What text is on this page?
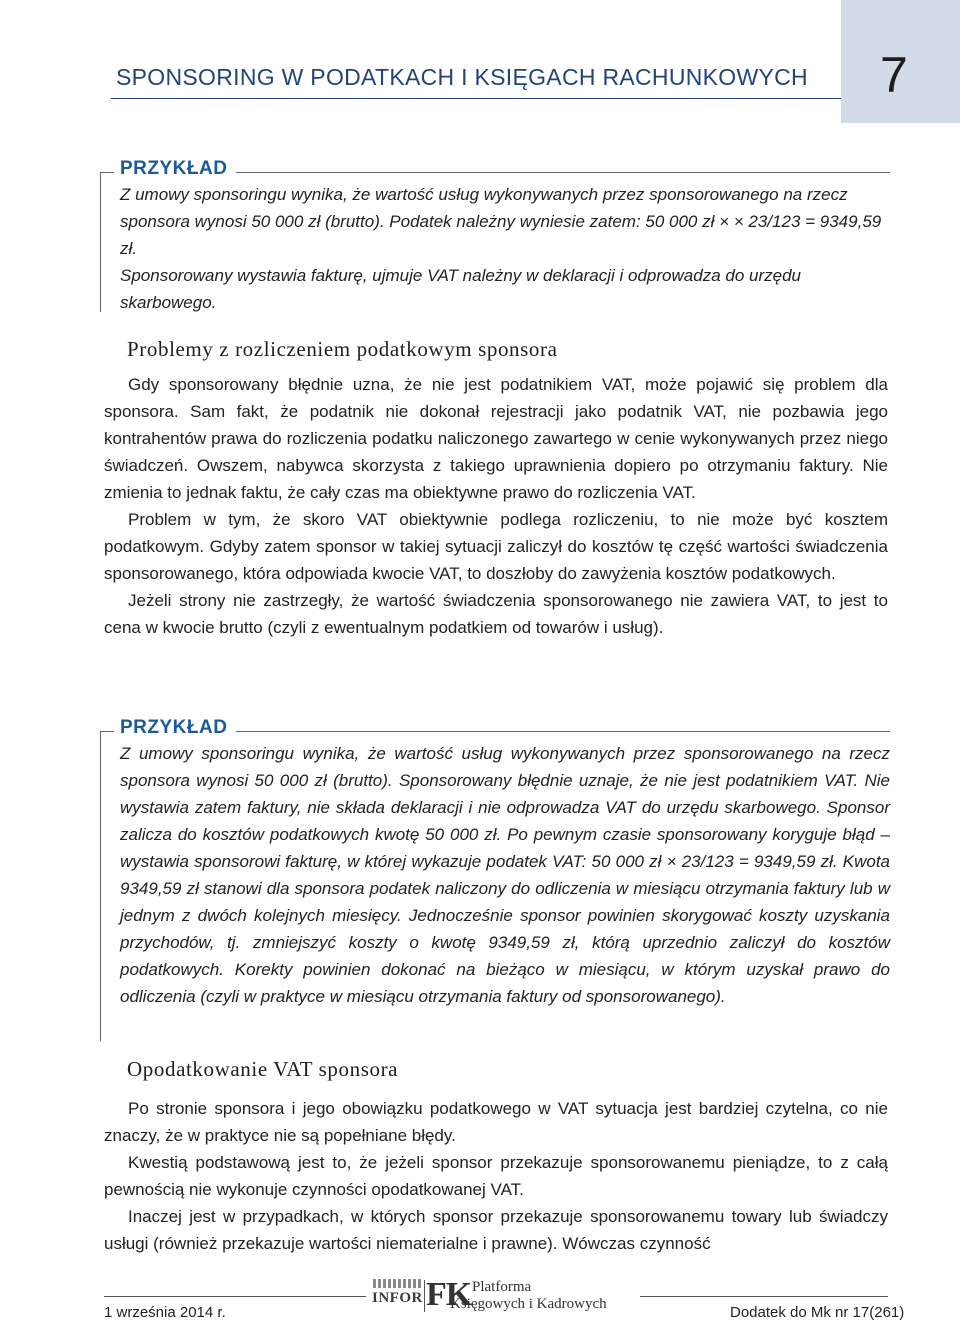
7
SPONSORING W PODATKACH I KSIĘGACH RACHUNKOWYCH
PRZYKŁAD

Z umowy sponsoringu wynika, że wartość usług wykonywanych przez sponsorowanego na rzecz sponsora wynosi 50 000 zł (brutto). Podatek należny wyniesie zatem: 50 000 zł × × 23/123 = 9349,59 zł.

Sponsorowany wystawia fakturę, ujmuje VAT należny w deklaracji i odprowadza do urzędu skarbowego.

Problemy z rozliczeniem podatkowym sponsora

Gdy sponsorowany błędnie uzna, że nie jest podatnikiem VAT, może pojawić się problem dla sponsora. Sam fakt, że podatnik nie dokonał rejestracji jako podatnik VAT, nie pozbawia jego kontrahentów prawa do rozliczenia podatku naliczonego zawartego w cenie wykonywanych przez niego świadczeń. Owszem, nabywca skorzysta z takiego uprawnienia dopiero po otrzymaniu faktury. Nie zmienia to jednak faktu, że cały czas ma obiektywne prawo do rozliczenia VAT.

Problem w tym, że skoro VAT obiektywnie podlega rozliczeniu, to nie może być kosztem podatkowym. Gdyby zatem sponsor w takiej sytuacji zaliczył do kosztów tę część wartości świadczenia sponsorowanego, która odpowiada kwocie VAT, to doszłoby do zawyżenia kosztów podatkowych.

Jeżeli strony nie zastrzegły, że wartość świadczenia sponsorowanego nie zawiera VAT, to jest to cena w kwocie brutto (czyli z ewentualnym podatkiem od towarów i usług).

PRZYKŁAD

Z umowy sponsoringu wynika, że wartość usług wykonywanych przez sponsorowanego na rzecz sponsora wynosi 50 000 zł (brutto). Sponsorowany błędnie uznaje, że nie jest podatnikiem VAT. Nie wystawia zatem faktury, nie składa deklaracji i nie odprowadza VAT do urzędu skarbowego. Sponsor zalicza do kosztów podatkowych kwotę 50 000 zł. Po pewnym czasie sponsorowany koryguje błąd – wystawia sponsorowi fakturę, w której wykazuje podatek VAT: 50 000 zł × 23/123 = 9349,59 zł. Kwota 9349,59 zł stanowi dla sponsora podatek naliczony do odliczenia w miesiącu otrzymania faktury lub w jednym z dwóch kolejnych miesięcy. Jednocześnie sponsor powinien skorygować koszty uzyskania przychodów, tj. zmniejszyć koszty o kwotę 9349,59 zł, którą uprzednio zaliczył do kosztów podatkowych. Korekty powinien dokonać na bieżąco w miesiącu, w którym uzyskał prawo do odliczenia (czyli w praktyce w miesiącu otrzymania faktury od sponsorowanego).

Opodatkowanie VAT sponsora

Po stronie sponsora i jego obowiązku podatkowego w VAT sytuacja jest bardziej czytelna, co nie znaczy, że w praktyce nie są popełniane błędy.

Kwestią podstawową jest to, że jeżeli sponsor przekazuje sponsorowanemu pieniądze, to z całą pewnością nie wykonuje czynności opodatkowanej VAT.

Inaczej jest w przypadkach, w których sponsor przekazuje sponsorowanemu towary lub świadczy usługi (również przekazuje wartości niematerialne i prawne). Wówczas czynność

INFOR FK Platforma
Księgowych i Kadrowych
1 września 2014 r.	Dodatek do Mk nr 17(261)
